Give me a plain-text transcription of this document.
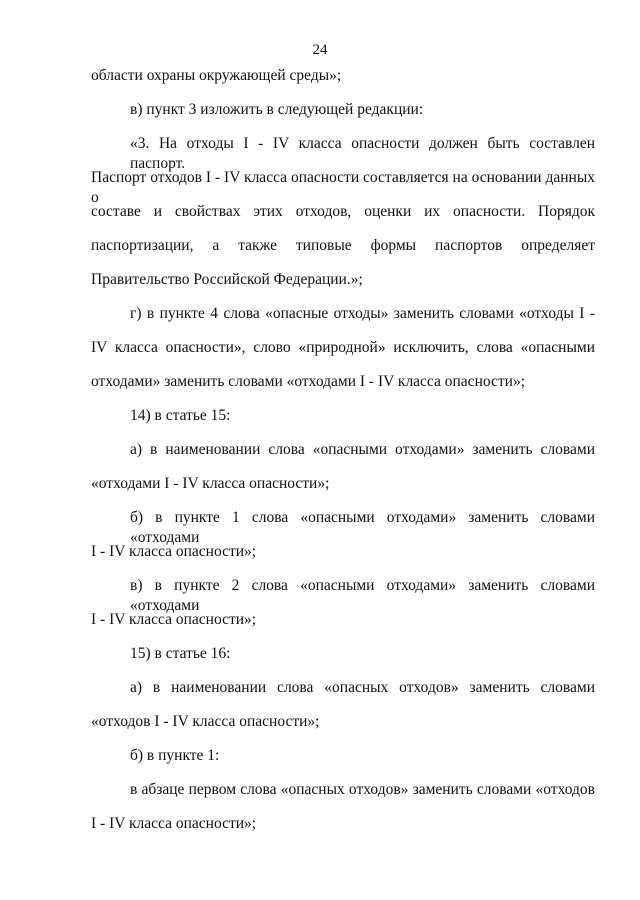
24
области охраны окружающей среды»;
в) пункт 3 изложить в следующей редакции:
«3. На отходы I - IV класса опасности должен быть составлен паспорт.
Паспорт отходов I - IV класса опасности составляется на основании данных о
составе и свойствах этих отходов, оценки их опасности. Порядок
паспортизации, а также типовые формы паспортов определяет
Правительство Российской Федерации.»;
г) в пункте 4 слова «опасные отходы» заменить словами «отходы I -
IV класса опасности», слово «природной» исключить, слова «опасными
отходами» заменить словами «отходами I - IV класса опасности»;
14) в статье 15:
а) в наименовании слова «опасными отходами» заменить словами
«отходами I - IV класса опасности»;
б) в пункте 1 слова «опасными отходами» заменить словами «отходами
I - IV класса опасности»;
в) в пункте 2 слова «опасными отходами» заменить словами «отходами
I - IV класса опасности»;
15) в статье 16:
а) в наименовании слова «опасных отходов» заменить словами
«отходов I - IV класса опасности»;
б) в пункте 1:
в абзаце первом слова «опасных отходов» заменить словами «отходов
I - IV класса опасности»;
